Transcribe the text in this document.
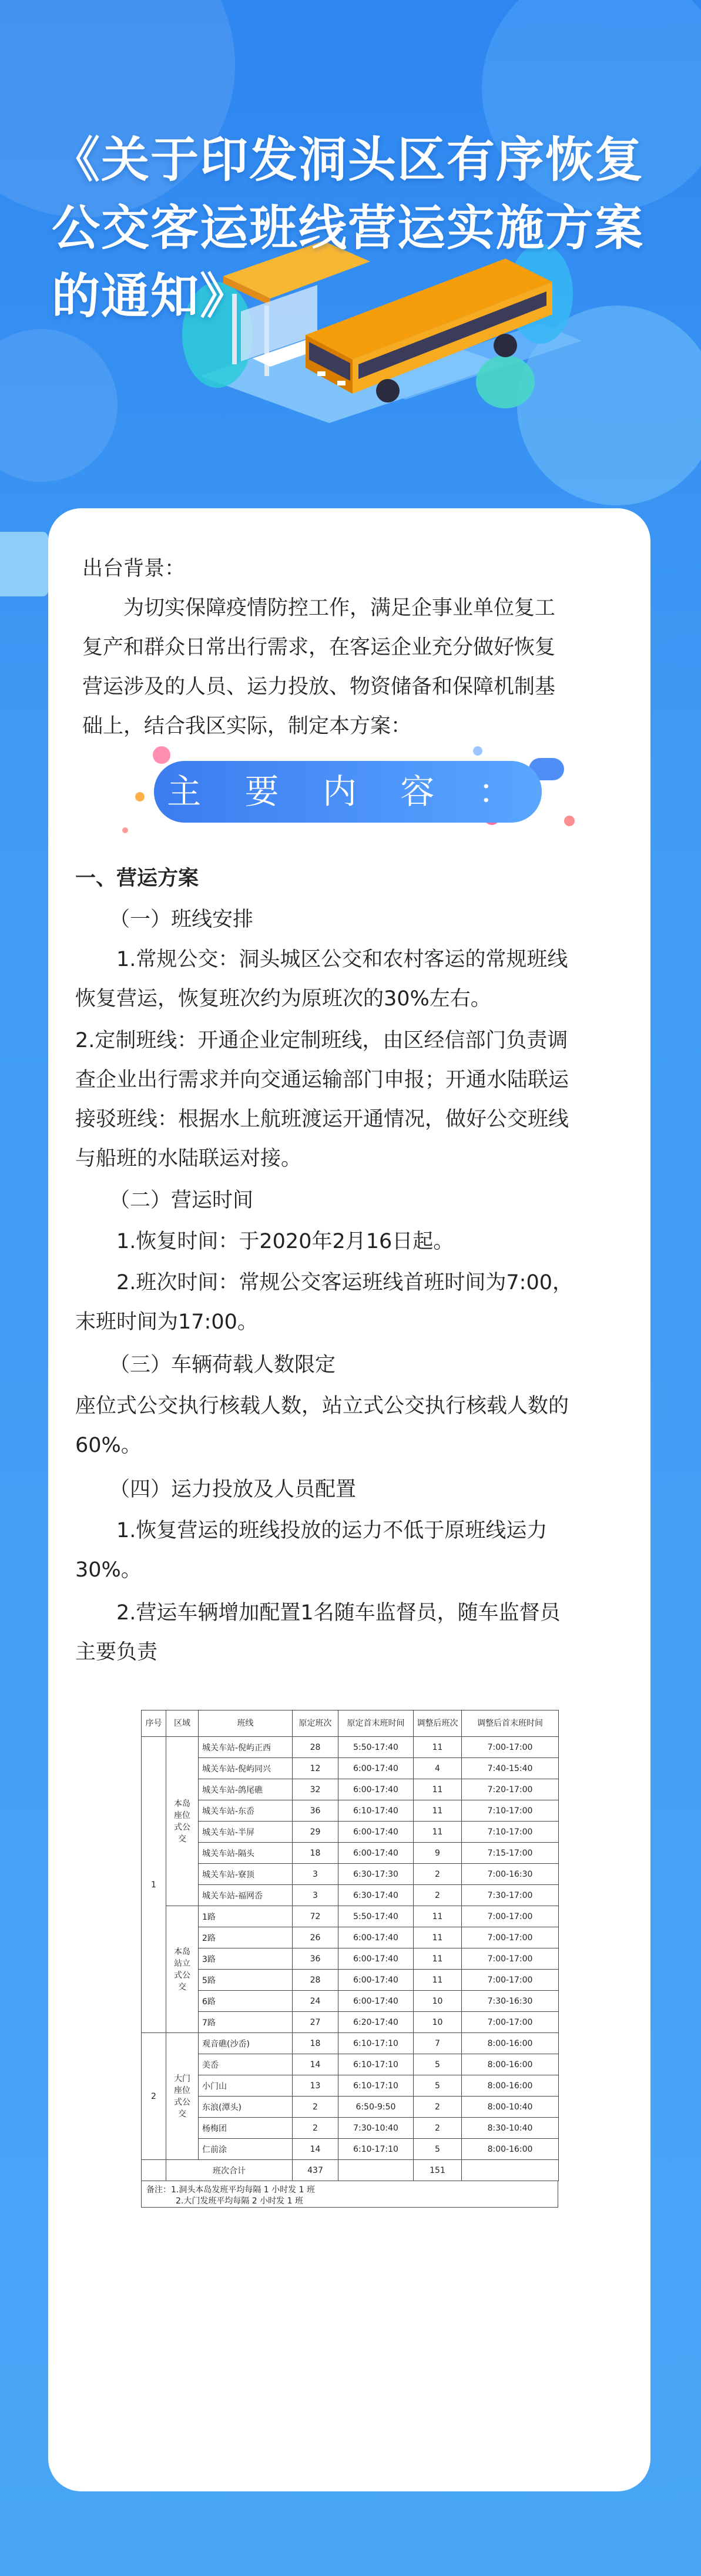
《关于印发洞头区有序恢复
公交客运班线营运实施方案
的通知》
出台背景：
为切实保障疫情防控工作，满足企事业单位复工复产和群众日常出行需求，在客运企业充分做好恢复营运涉及的人员、运力投放、物资储备和保障机制基础上，结合我区实际，制定本方案：
主 要 内 容 ：
一、营运方案
（一）班线安排
1.常规公交：洞头城区公交和农村客运的常规班线恢复营运，恢复班次约为原班次的30%左右。
2.定制班线：开通企业定制班线，由区经信部门负责调查企业出行需求并向交通运输部门申报；开通水陆联运接驳班线：根据水上航班渡运开通情况，做好公交班线与船班的水陆联运对接。
（二）营运时间
1.恢复时间：于2020年2月16日起。
2.班次时间：常规公交客运班线首班时间为7:00，末班时间为17:00。
（三）车辆荷载人数限定
座位式公交执行核载人数，站立式公交执行核载人数的60%。
（四）运力投放及人员配置
1.恢复营运的班线投放的运力不低于原班线运力30%。
2.营运车辆增加配置1名随车监督员，随车监督员主要负责
序号	区域	班线	原定班次	原定首末班时间	调整后班次	调整后首末班时间
1	本岛座位式公交	城关车站-倪屿正西	28	5:50-17:40	11	7:00-17:00
		城关车站-倪屿同兴	12	6:00-17:40	4	7:40-15:40
		城关车站-鸽尾礁	32	6:00-17:40	11	7:20-17:00
		城关车站-东岙	36	6:10-17:40	11	7:10-17:00
		城关车站-半屏	29	6:00-17:40	11	7:10-17:00
		城关车站-隔头	18	6:00-17:40	9	7:15-17:00
		城关车站-寮顶	3	6:30-17:30	2	7:00-16:30
		城关车站-福网岙	3	6:30-17:40	2	7:30-17:00
	本岛站立式公交	1路	72	5:50-17:40	11	7:00-17:00
		2路	26	6:00-17:40	11	7:00-17:00
		3路	36	6:00-17:40	11	7:00-17:00
		5路	28	6:00-17:40	11	7:00-17:00
		6路	24	6:00-17:40	10	7:30-16:30
		7路	27	6:20-17:40	10	7:00-17:00
2	大门座位式公交	观音礁(沙岙)	18	6:10-17:10	7	8:00-16:00
		美岙	14	6:10-17:10	5	8:00-16:00
		小门山	13	6:10-17:10	5	8:00-16:00
		东浪(潭头)	2	6:50-9:50	2	8:00-10:40
		杨梅团	2	7:30-10:40	2	8:30-10:40
		仁前涂	14	6:10-17:10	5	8:00-16:00
	班次合计		437		151	
备注：1.洞头本岛发班平均每隔 1 小时发 1 班
2.大门发班平均每隔 2 小时发 1 班
